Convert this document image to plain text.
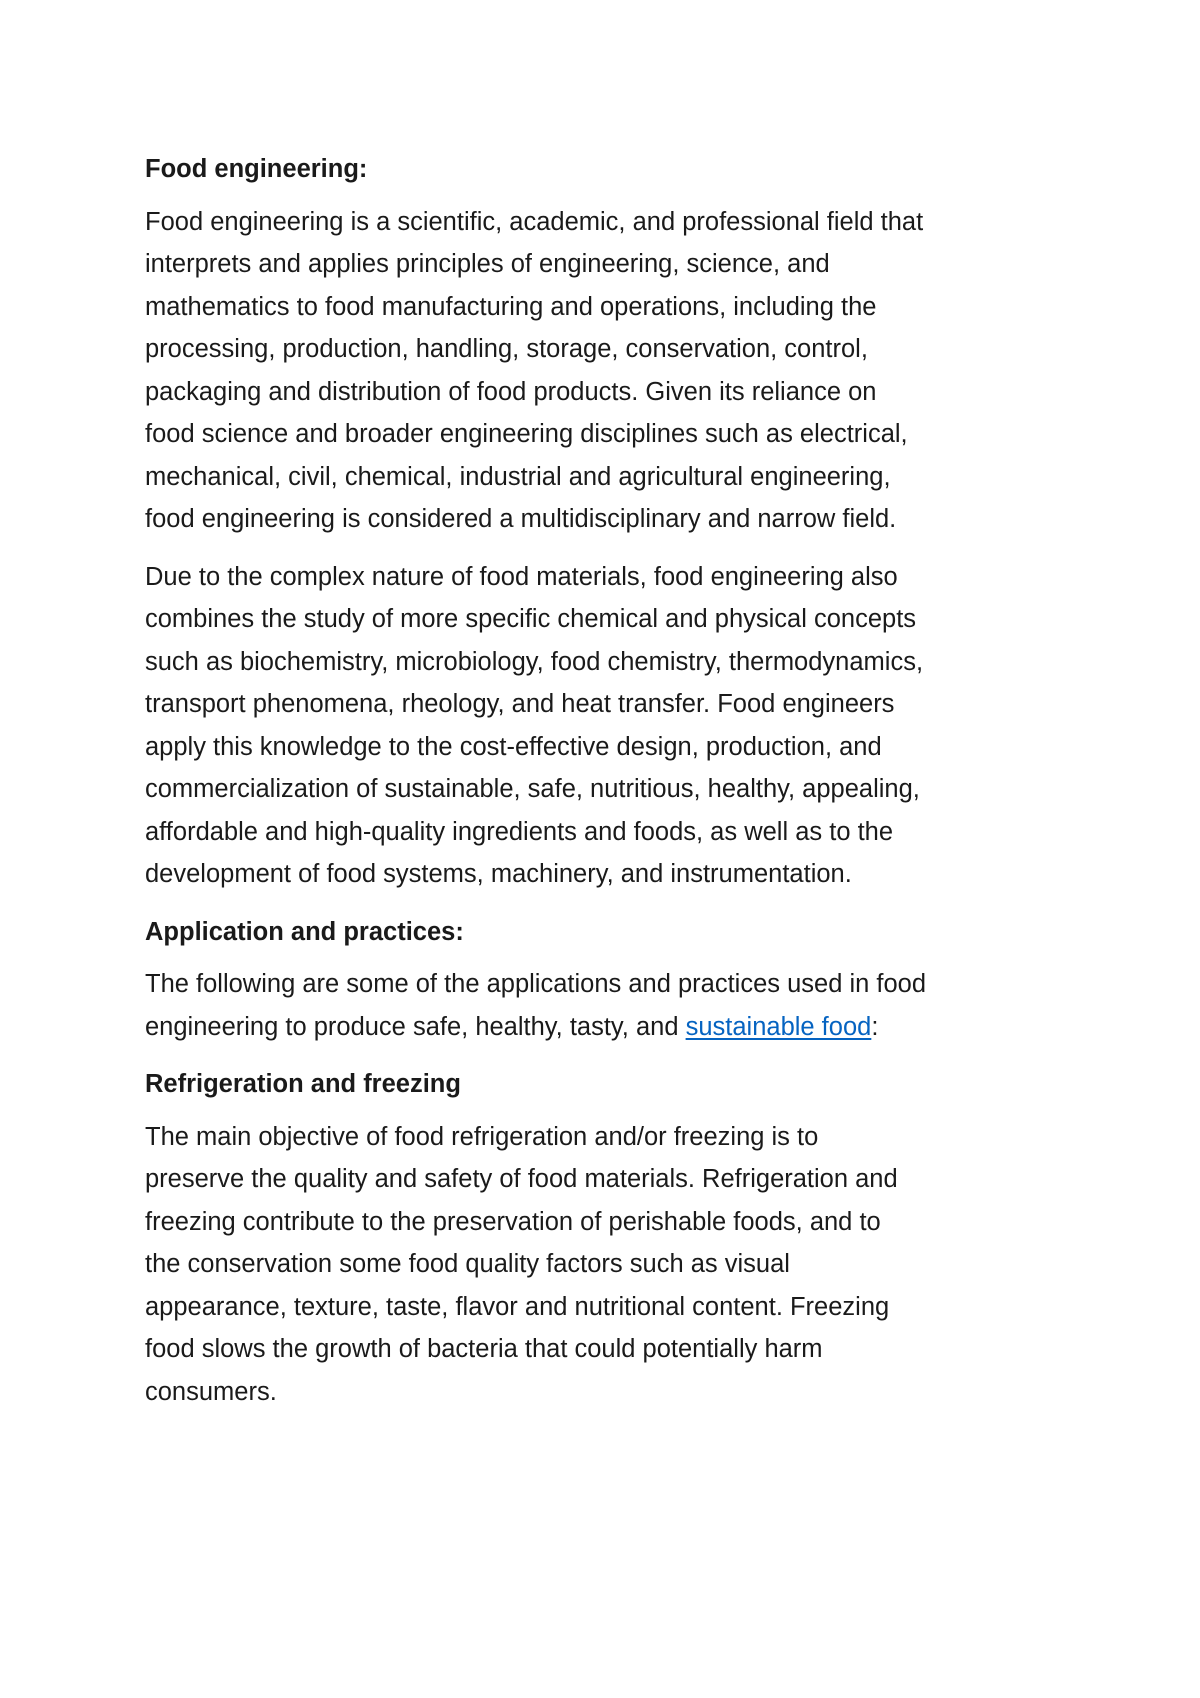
Food engineering:
Food engineering is a scientific, academic, and professional field that
interprets and applies principles of engineering, science, and
mathematics to food manufacturing and operations, including the
processing, production, handling, storage, conservation, control,
packaging and distribution of food products. Given its reliance on
food science and broader engineering disciplines such as electrical,
mechanical, civil, chemical, industrial and agricultural engineering,
food engineering is considered a multidisciplinary and narrow field.
Due to the complex nature of food materials, food engineering also
combines the study of more specific chemical and physical concepts
such as biochemistry, microbiology, food chemistry, thermodynamics,
transport phenomena, rheology, and heat transfer. Food engineers
apply this knowledge to the cost-effective design, production, and
commercialization of sustainable, safe, nutritious, healthy, appealing,
affordable and high-quality ingredients and foods, as well as to the
development of food systems, machinery, and instrumentation.
Application and practices:
The following are some of the applications and practices used in food
engineering to produce safe, healthy, tasty, and sustainable food:
Refrigeration and freezing
The main objective of food refrigeration and/or freezing is to
preserve the quality and safety of food materials. Refrigeration and
freezing contribute to the preservation of perishable foods, and to
the conservation some food quality factors such as visual
appearance, texture, taste, flavor and nutritional content. Freezing
food slows the growth of bacteria that could potentially harm
consumers.
